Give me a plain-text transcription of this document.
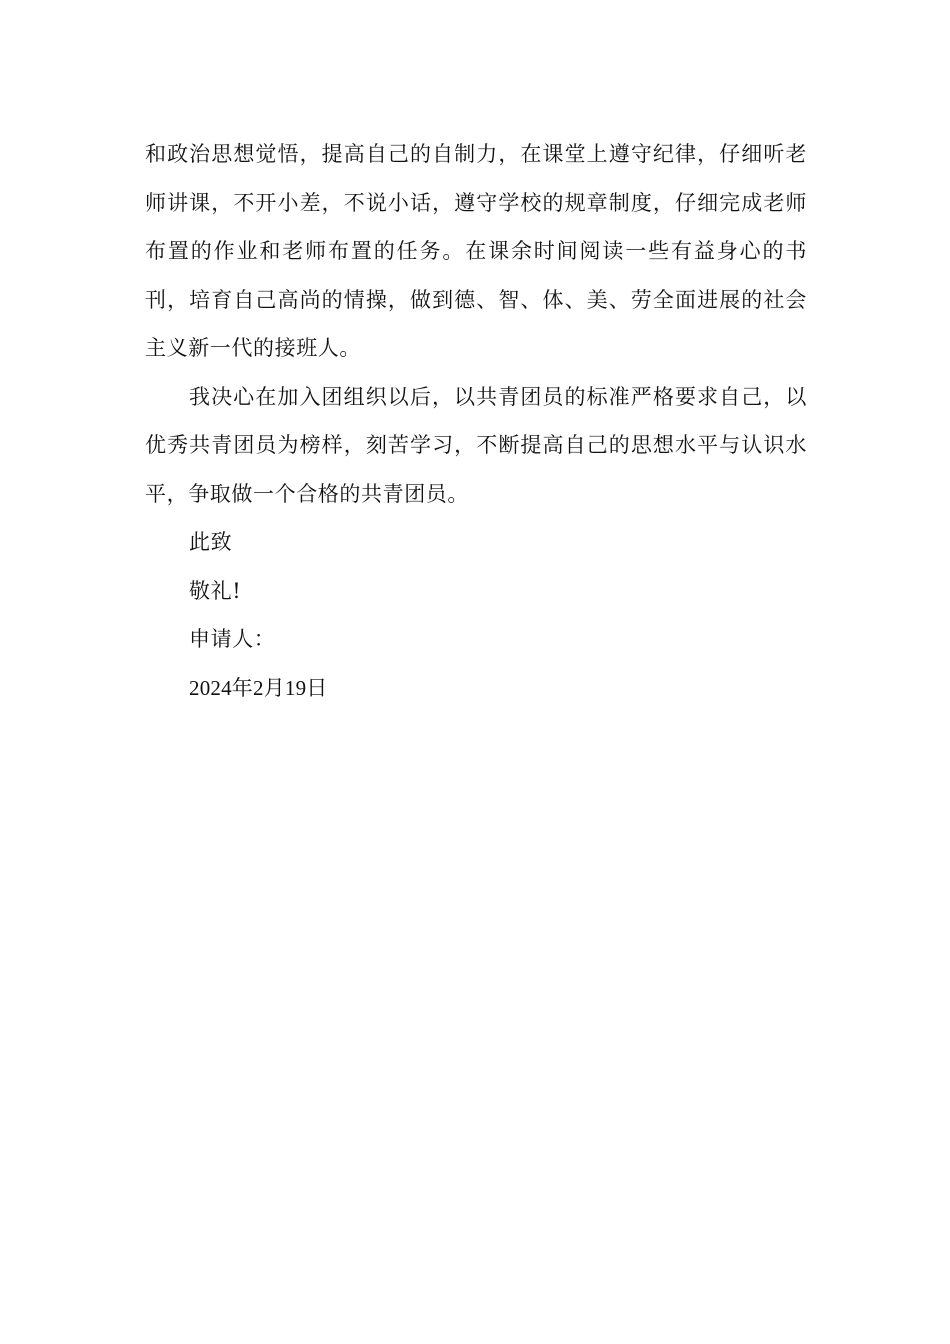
和政治思想觉悟，提高自己的自制力，在课堂上遵守纪律，仔细听老师讲课，不开小差，不说小话，遵守学校的规章制度，仔细完成老师布置的作业和老师布置的任务。在课余时间阅读一些有益身心的书刊，培育自己高尚的情操，做到德、智、体、美、劳全面进展的社会主义新一代的接班人。

我决心在加入团组织以后，以共青团员的标准严格要求自己，以优秀共青团员为榜样，刻苦学习，不断提高自己的思想水平与认识水平，争取做一个合格的共青团员。

此致

敬礼!

申请人：

2024年2月19日
